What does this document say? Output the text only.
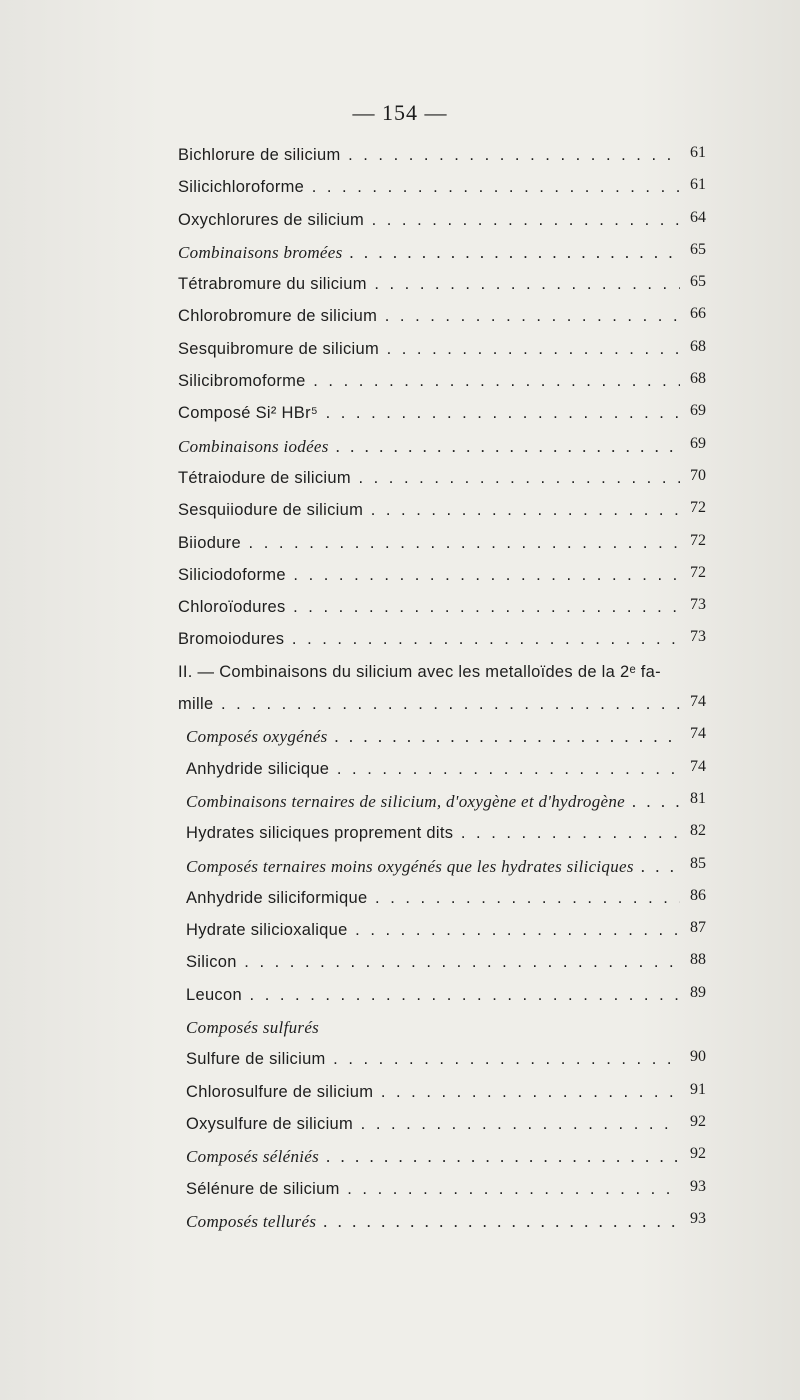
— 154 —
Bichlorure de silicium . . .	61
Silicichloroforme . . .	61
Oxychlorures de silicium . . .	64
Combinaisons bromées . . .	65
Tétrabromure du silicium . . .	65
Chlorobromure de silicium . . .	66
Sesquibromure de silicium . . .	68
Silicibromoforme . . .	68
Composé Si² HBr⁵ . . .	69
Combinaisons iodées . . .	69
Tétraiodure de silicium . . .	70
Sesquiiodure de silicium . . .	72
Biiodure . . .	72
Siliciodoforme . . .	72
Chloroïodures . . .	73
Bromoiodures . . .	73
II. — Combinaisons du silicium avec les metalloïdes de la 2ᵉ fa-
mille . . .	74
Composés oxygénés . . .	74
Anhydride silicique . . .	74
Combinaisons ternaires de silicium, d'oxygène et d'hydrogène . . .	81
Hydrates siliciques proprement dits . . .	82
Composés ternaires moins oxygénés que les hydrates siliciques . . .	85
Anhydride siliciformique . . .	86
Hydrate silicioxalique . . .	87
Silicon . . .	88
Leucon . . .	89
Composés sulfurés
Sulfure de silicium . . .	90
Chlorosulfure de silicium . . .	91
Oxysulfure de silicium . . .	92
Composés séléniés . . .	92
Sélénure de silicium . . .	93
Composés tellurés . . .	93
